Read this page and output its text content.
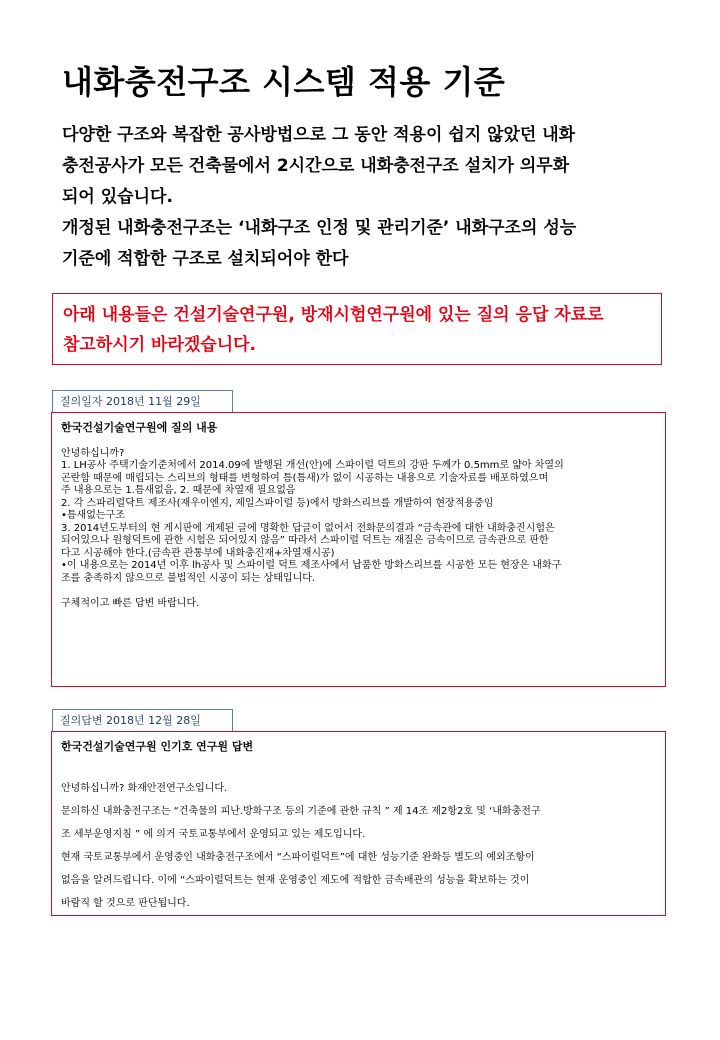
내화충전구조 시스템 적용 기준
다양한 구조와 복잡한 공사방법으로 그 동안 적용이 쉽지 않았던 내화
충전공사가 모든 건축물에서 2시간으로 내화충전구조 설치가 의무화
되어 있습니다.
개정된 내화충전구조는 ‘내화구조 인정 및 관리기준’ 내화구조의 성능
기준에 적합한 구조로 설치되어야 한다
아래 내용들은 건설기술연구원, 방재시험연구원에 있는 질의 응답 자료로
참고하시기 바라겠습니다.
질의일자 2018년 11월 29일
한국건설기술연구원에 질의 내용

안녕하십니까?
1. LH공사 주택기술기준처에서 2014.09에 발행된 개선(안)에 스파이럴 덕트의 강판 두께가 0.5mm로 얇아 차열의
곤란함 때문에 매립되는 스리브의 형태를 변형하여 틈(틈새)가 없이 시공하는 내용으로 기술자료를 배포하였으며
주 내용으로는 1.틈새없음, 2. 때문에 차열재 필요없음
2. 각 스파리럴닥트 제조사(재우이엔지, 제일스파이럴 등)에서 방화스리브를 개발하여 현장적용중임
•틈새없는구조
3. 2014년도부터의 현 게시판에 게제된 글에 명확한 답글이 없어서 전화문의결과 “금속관에 대한 내화충진시험은
되어있으나 원형덕트에 관한 시험은 되어있지 않음” 따라서 스파이럴 덕트는 재질은 금속이므로 금속관으로 판한
다고 시공해야 한다.(금속관 관통부에 내화충진재+차열재시공)
•이 내용으로는 2014년 이후 lh공사 및 스파이럴 덕트 제조사에서 납품한 방화스리브를 시공한 모든 현장은 내화구
조를 충족하지 않으므로 불법적인 시공이 되는 상태입니다.

구체적이고 빠른 답변 바랍니다.
질의답변 2018년 12월 28일
한국건설기술연구원 인기호 연구원 답변

안녕하십니까? 화재안전연구소입니다.
문의하신 내화충전구조는 “건축물의 피난.방화구조 등의 기준에 관한 규칙 ” 제 14조 제2항2호 및 ‘내화충전구
조 세부운영지침 ” 에 의거 국토교통부에서 운영되고 있는 제도입니다.
현재 국토교통부에서 운영중인 내화충전구조에서 “스파이럴덕트”에 대한 성능기준 완화등 별도의 예외조항이
없음을 알려드립니다. 이에 “스파이럴덕트는 현재 운영중인 제도에 적합한 금속배관의 성능을 확보하는 것이
바람직 할 것으로 판단됩니다.
